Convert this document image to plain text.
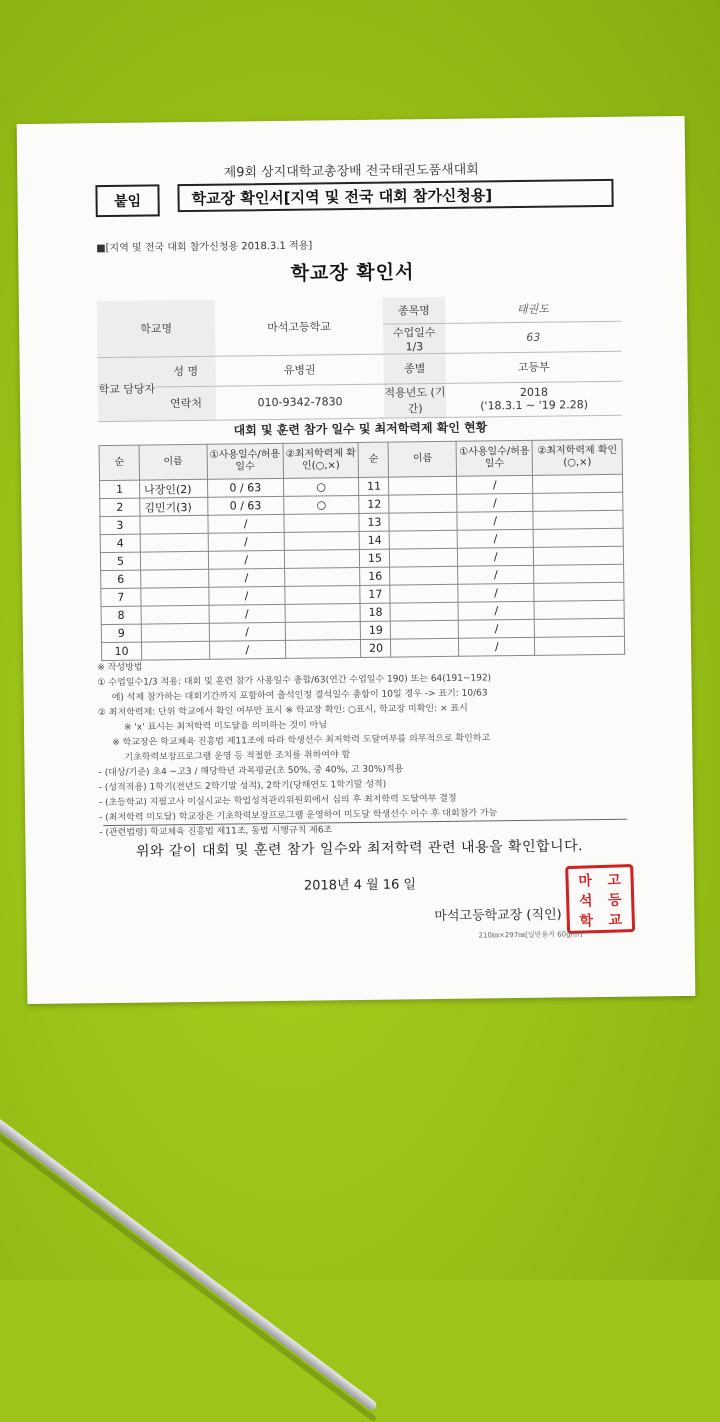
제9회 상지대학교총장배 전국태권도품새대회
붙임	학교장 확인서[지역 및 전국 대회 참가신청용]
■[지역 및 전국 대회 참가신청용 2018.3.1 적용]
학교장 확인서
학교명		마석고등학교	종목명	태권도
			수업일수 1/3	63
학교 담당자	성 명	유병권	종별	고등부
	연락처	010-9342-7830	적용년도 (기간)	2018
('18.3.1 ~ '19 2.28)
대회 및 훈련 참가 일수 및 최저학력제 확인 현황
순	이름	①사용일수/허용일수	②최저학력제 확인(○,×)	순	이름	①사용일수/허용일수	②최저학력제 확인(○,×)
1	나장인(2)	0 / 63	○	11		/	
2	김민기(3)	0 / 63	○	12		/	
3		/		13		/	
4		/		14		/	
5		/		15		/	
6		/		16		/	
7		/		17		/	
8		/		18		/	
9		/		19		/	
10		/		20		/	
※ 작성방법
① 수업일수1/3 적용: 대회 및 훈련 참가 사용일수 총합/63(연간 수업일수 190) 또는 64(191~192)
에) 석제 참가하는 대회기간까지 포함하여 출석인정 결석일수 총합이 10일 경우 -> 표기: 10/63
② 최저학력제: 단위 학교에서 확인 여부만 표시 ※ 학교장 확인: ○표시, 학교장 미확인: × 표시
※ 'x' 표시는 최저학력 미도달을 의미하는 것이 아님
※ 학교장은 학교체육 진흥법 제11조에 따라 학생선수 최저학력 도달여부를 의무적으로 확인하고
기초학력보장프로그램 운영 등 적절한 조치를 취하여야 함
- (대상/기준) 초4 ~고3 / 해당학년 과목평균(초 50%, 중 40%, 고 30%)적용
- (성적적용) 1학기(전년도 2학기말 성적), 2학기(당해연도 1학기말 성적)
- (초등학교) 지필고사 미실시교는 학업성적관리위원회에서 심의 후 최저학력 도달여부 결정
- (최저학력 미도달) 학교장은 기초학력보장프로그램 운영하여 미도달 학생선수 이수 후 대회참가 가능
- (관련법령) 학교체육 진흥법 제11조, 동법 시행규칙 제6조
위와 같이 대회 및 훈련 참가 일수와 최저학력 관련 내용을 확인합니다.
2018년 4 월 16 일
마석고등학교장 (직인)
마	고
석	등
학	교
210㎜×297㎜[일반용지 60g/㎡]
